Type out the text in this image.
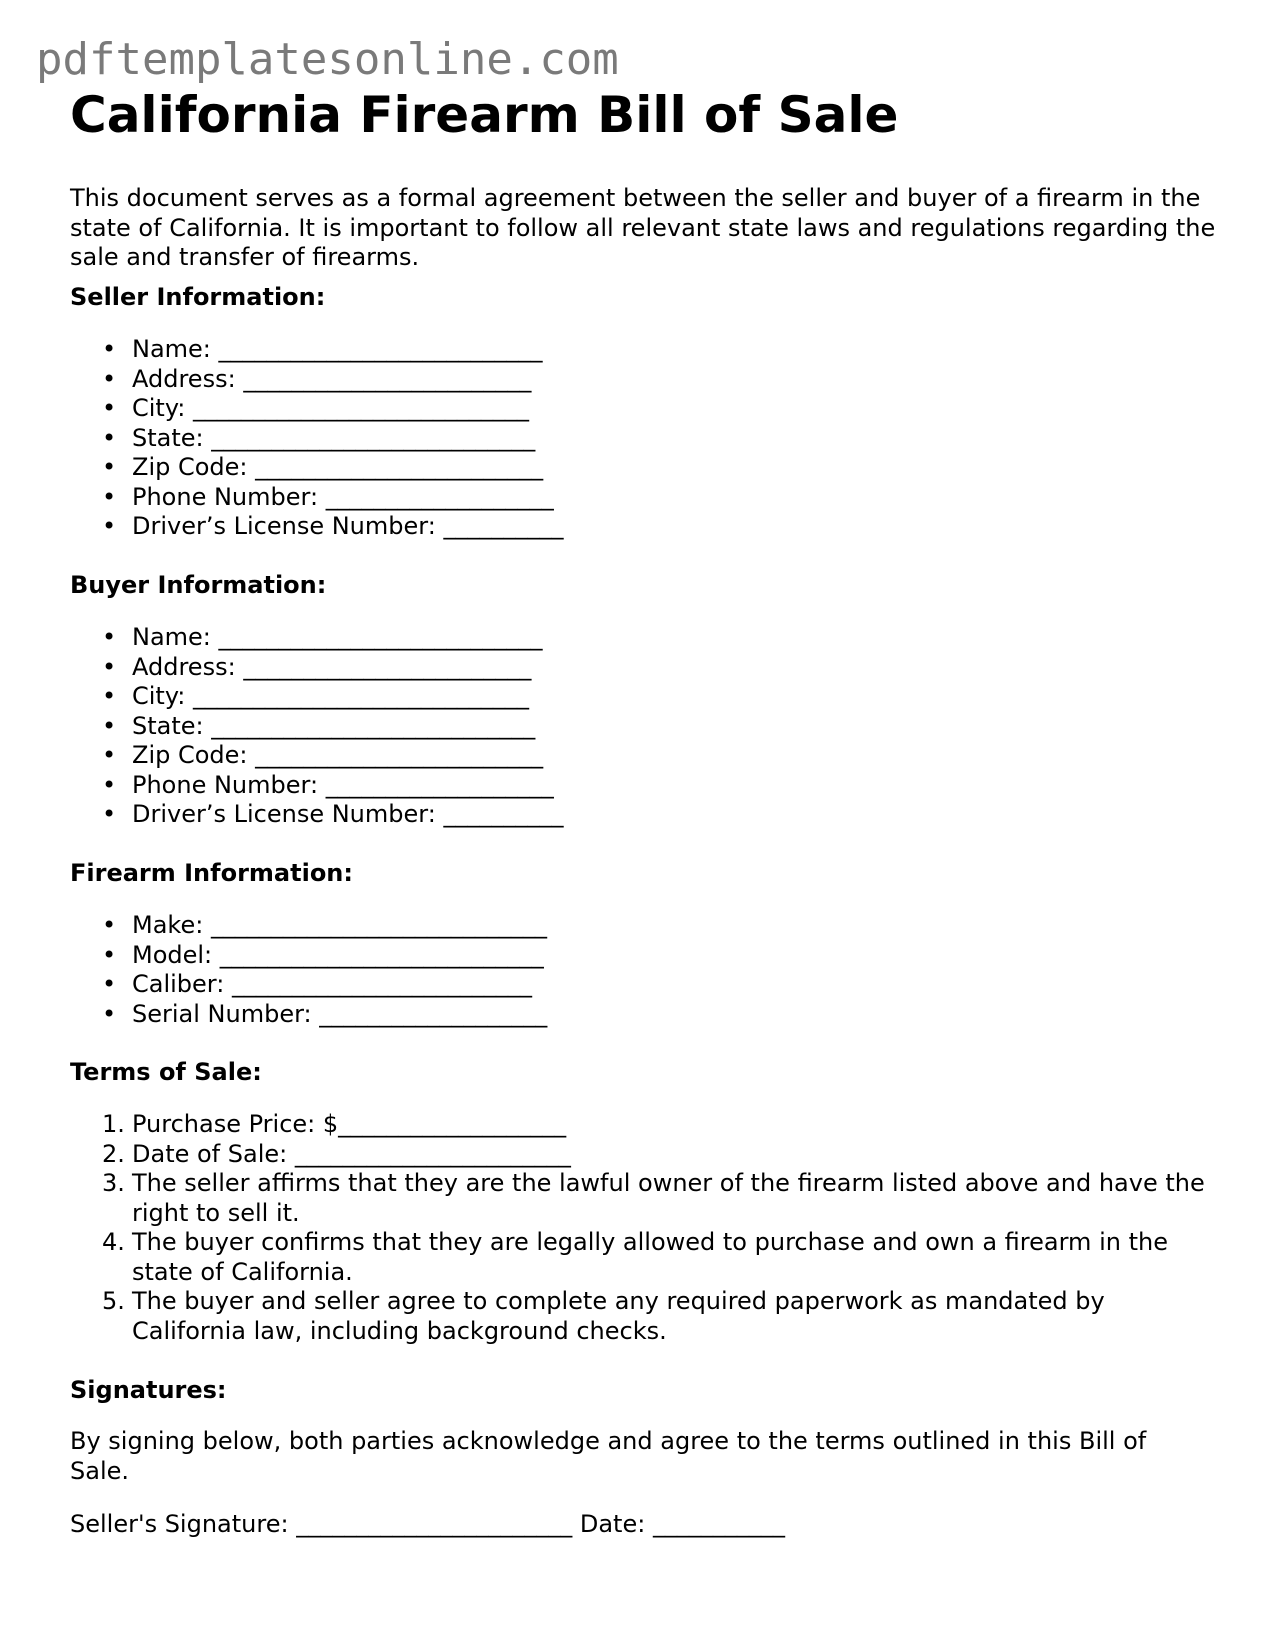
pdftemplatesonline.com
California Firearm Bill of Sale

This document serves as a formal agreement between the seller and buyer of a firearm in the state of California. It is important to follow all relevant state laws and regulations regarding the sale and transfer of firearms.

Seller Information:
• Name: ___________________________
• Address: ________________________
• City: ____________________________
• State: ___________________________
• Zip Code: ________________________
• Phone Number: ___________________
• Driver’s License Number: __________
Buyer Information:
• Name: ___________________________
• Address: ________________________
• City: ____________________________
• State: ___________________________
• Zip Code: ________________________
• Phone Number: ___________________
• Driver’s License Number: __________
Firearm Information:
• Make: ____________________________
• Model: ___________________________
• Caliber: _________________________
• Serial Number: ___________________
Terms of Sale:
1. Purchase Price: $___________________
2. Date of Sale: _______________________
3. The seller affirms that they are the lawful owner of the firearm listed above and have the right to sell it.
4. The buyer confirms that they are legally allowed to purchase and own a firearm in the state of California.
5. The buyer and seller agree to complete any required paperwork as mandated by California law, including background checks.
Signatures:

By signing below, both parties acknowledge and agree to the terms outlined in this Bill of Sale.

Seller's Signature: _______________________ Date: ___________
